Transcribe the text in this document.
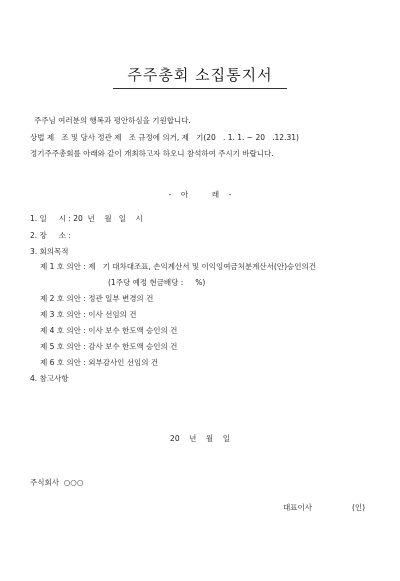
주주총회 소집통지서
주주님 여러분의 행복과 평안하심을 기원합니다.
상법 제   조 및 당사 정관 제   조 규정에 의거, 제   기(20   . 1. 1. ~ 20   .12.31)
정기주주총회를 아래와 같이 개최하고자 하오니 참석하여 주시기 바랍니다.
-    아          래    -
1. 일     시 : 20  년    월   일    시
2. 장     소 :
3. 회의목적
제 1 호 의안 : 제   기 대차대조표, 손익계산서 및 이익잉여금처분계산서(안)승인의건
(1주당 예정 현금배당 :     %)
제 2 호 의안 : 정관 일부 변경의 건
제 3 호 의안 : 이사 선임의 건
제 4 호 의안 : 이사 보수 한도액 승인의 건
제 5 호 의안 : 감사 보수 한도액 승인의 건
제 6 호 의안 : 외부감사인 선임의 건
4. 참고사항
20    년    월    일
주식회사  ○○○
대표이사	(인)
